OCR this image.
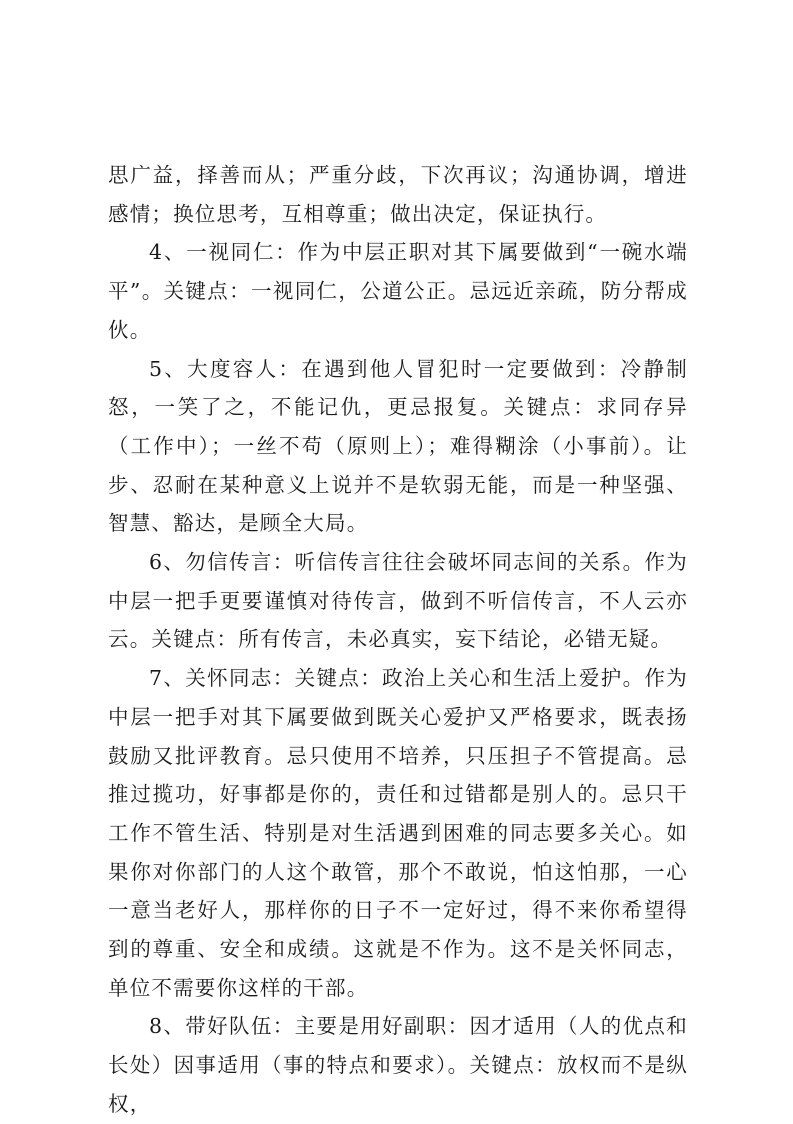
思广益，择善而从；严重分歧，下次再议；沟通协调，增进感情；换位思考，互相尊重；做出决定，保证执行。

4、一视同仁：作为中层正职对其下属要做到“一碗水端平”。关键点：一视同仁，公道公正。忌远近亲疏，防分帮成伙。

5、大度容人：在遇到他人冒犯时一定要做到：冷静制怒，一笑了之，不能记仇，更忌报复。关键点：求同存异（工作中）；一丝不苟（原则上）；难得糊涂（小事前）。让步、忍耐在某种意义上说并不是软弱无能，而是一种坚强、智慧、豁达，是顾全大局。

6、勿信传言：听信传言往往会破坏同志间的关系。作为中层一把手更要谨慎对待传言，做到不听信传言，不人云亦云。关键点：所有传言，未必真实，妄下结论，必错无疑。

7、关怀同志：关键点：政治上关心和生活上爱护。作为中层一把手对其下属要做到既关心爱护又严格要求，既表扬鼓励又批评教育。忌只使用不培养，只压担子不管提高。忌推过揽功，好事都是你的，责任和过错都是别人的。忌只干工作不管生活、特别是对生活遇到困难的同志要多关心。如果你对你部门的人这个敢管，那个不敢说，怕这怕那，一心一意当老好人，那样你的日子不一定好过，得不来你希望得到的尊重、安全和成绩。这就是不作为。这不是关怀同志，单位不需要你这样的干部。

8、带好队伍：主要是用好副职：因才适用（人的优点和长处）因事适用（事的特点和要求）。关键点：放权而不是纵权，
